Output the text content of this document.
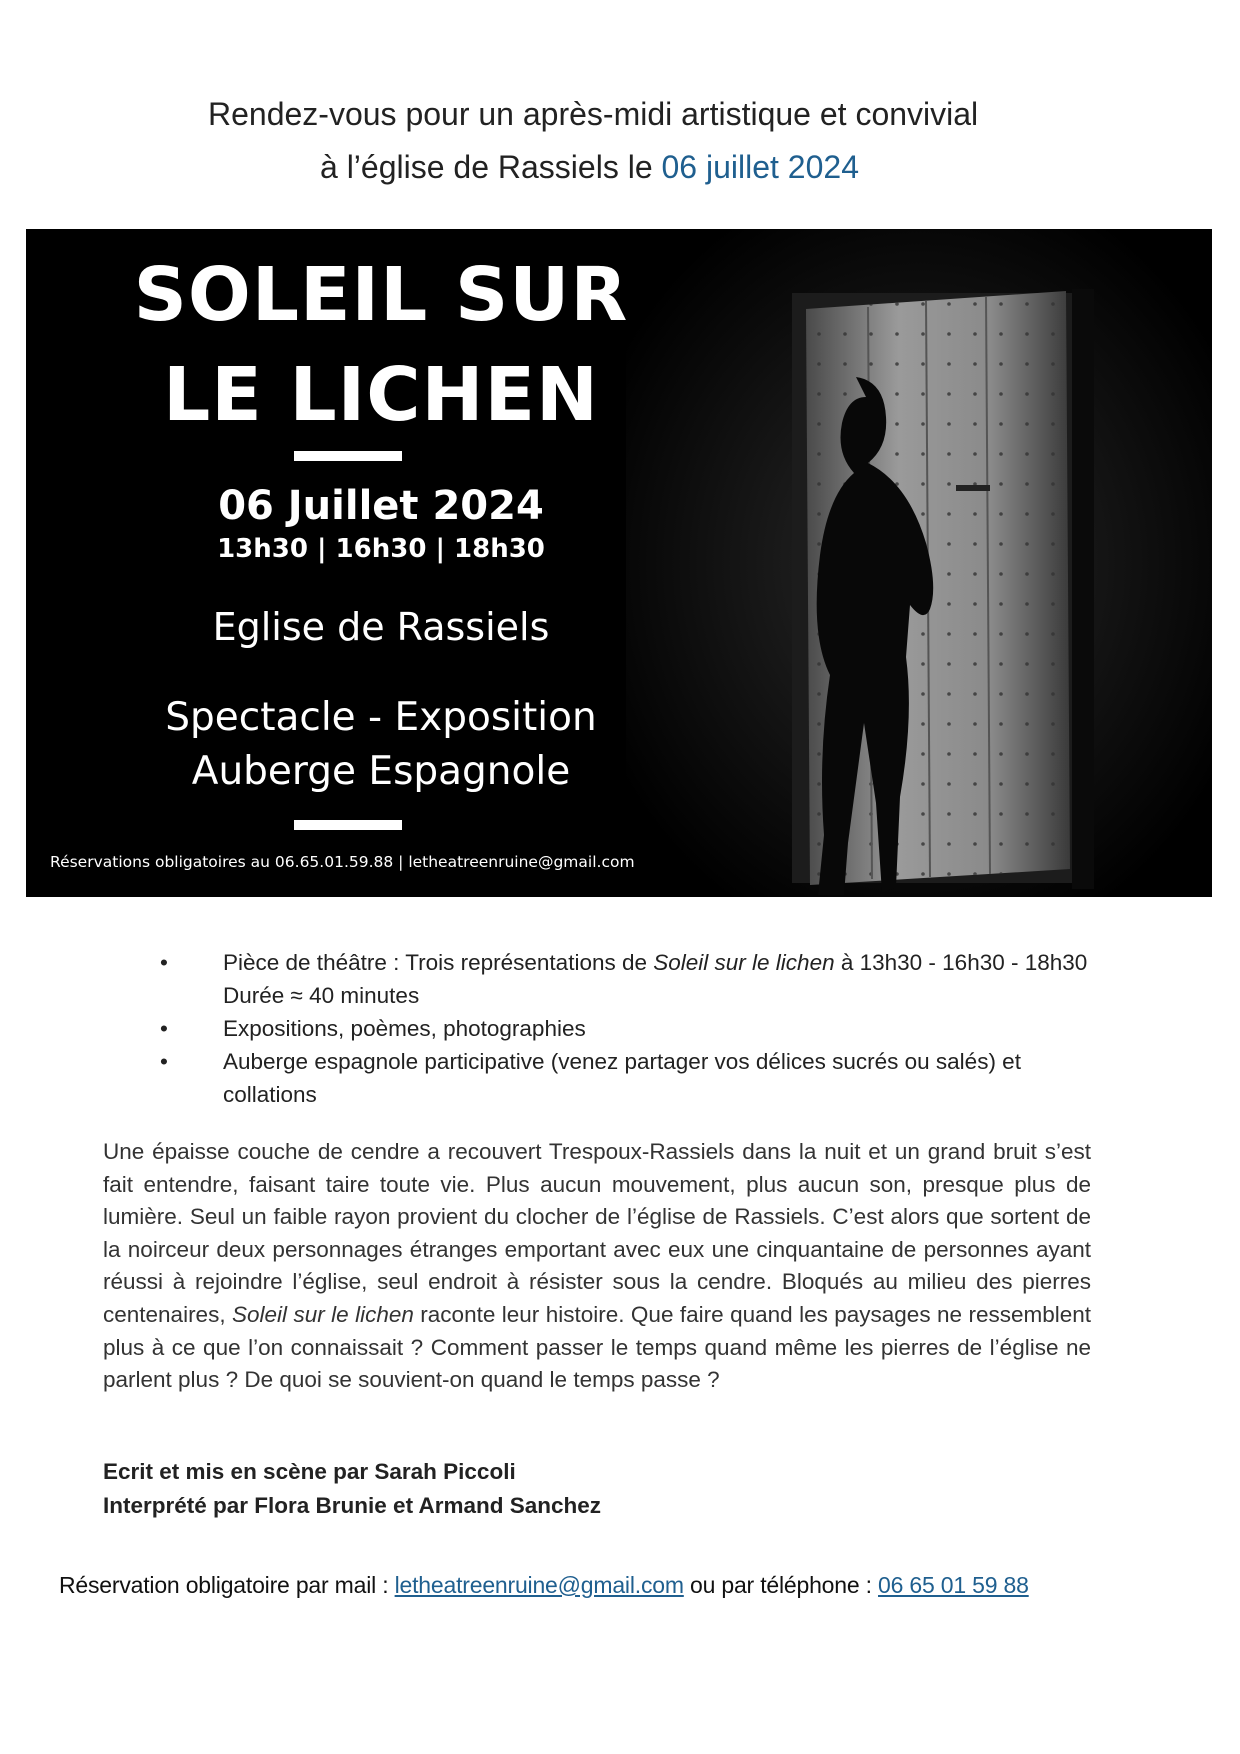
Rendez-vous pour un après-midi artistique et convivial
à l’église de Rassiels le 06 juillet 2024
SOLEIL SUR
LE LICHEN
06 Juillet 2024
13h30 | 16h30 | 18h30
Eglise de Rassiels
Spectacle - Exposition
Auberge Espagnole
Réservations obligatoires au 06.65.01.59.88 | letheatreenruine@gmail.com
• Pièce de théâtre : Trois représentations de Soleil sur le lichen à 13h30 - 16h30 - 18h30 Durée ≈ 40 minutes
• Expositions, poèmes, photographies
• Auberge espagnole participative (venez partager vos délices sucrés ou salés) et collations

Une épaisse couche de cendre a recouvert Trespoux-Rassiels dans la nuit et un grand bruit s’est fait entendre, faisant taire toute vie. Plus aucun mouvement, plus aucun son, presque plus de lumière. Seul un faible rayon provient du clocher de l’église de Rassiels. C’est alors que sortent de la noirceur deux personnages étranges emportant avec eux une cinquantaine de personnes ayant réussi à rejoindre l’église, seul endroit à résister sous la cendre. Bloqués au milieu des pierres centenaires, Soleil sur le lichen raconte leur histoire. Que faire quand les paysages ne ressemblent plus à ce que l’on connaissait ? Comment passer le temps quand même les pierres de l’église ne parlent plus ? De quoi se souvient-on quand le temps passe ?

Ecrit et mis en scène par Sarah Piccoli
Interprété par Flora Brunie et Armand Sanchez
Réservation obligatoire par mail : letheatreenruine@gmail.com ou par téléphone : 06 65 01 59 88
